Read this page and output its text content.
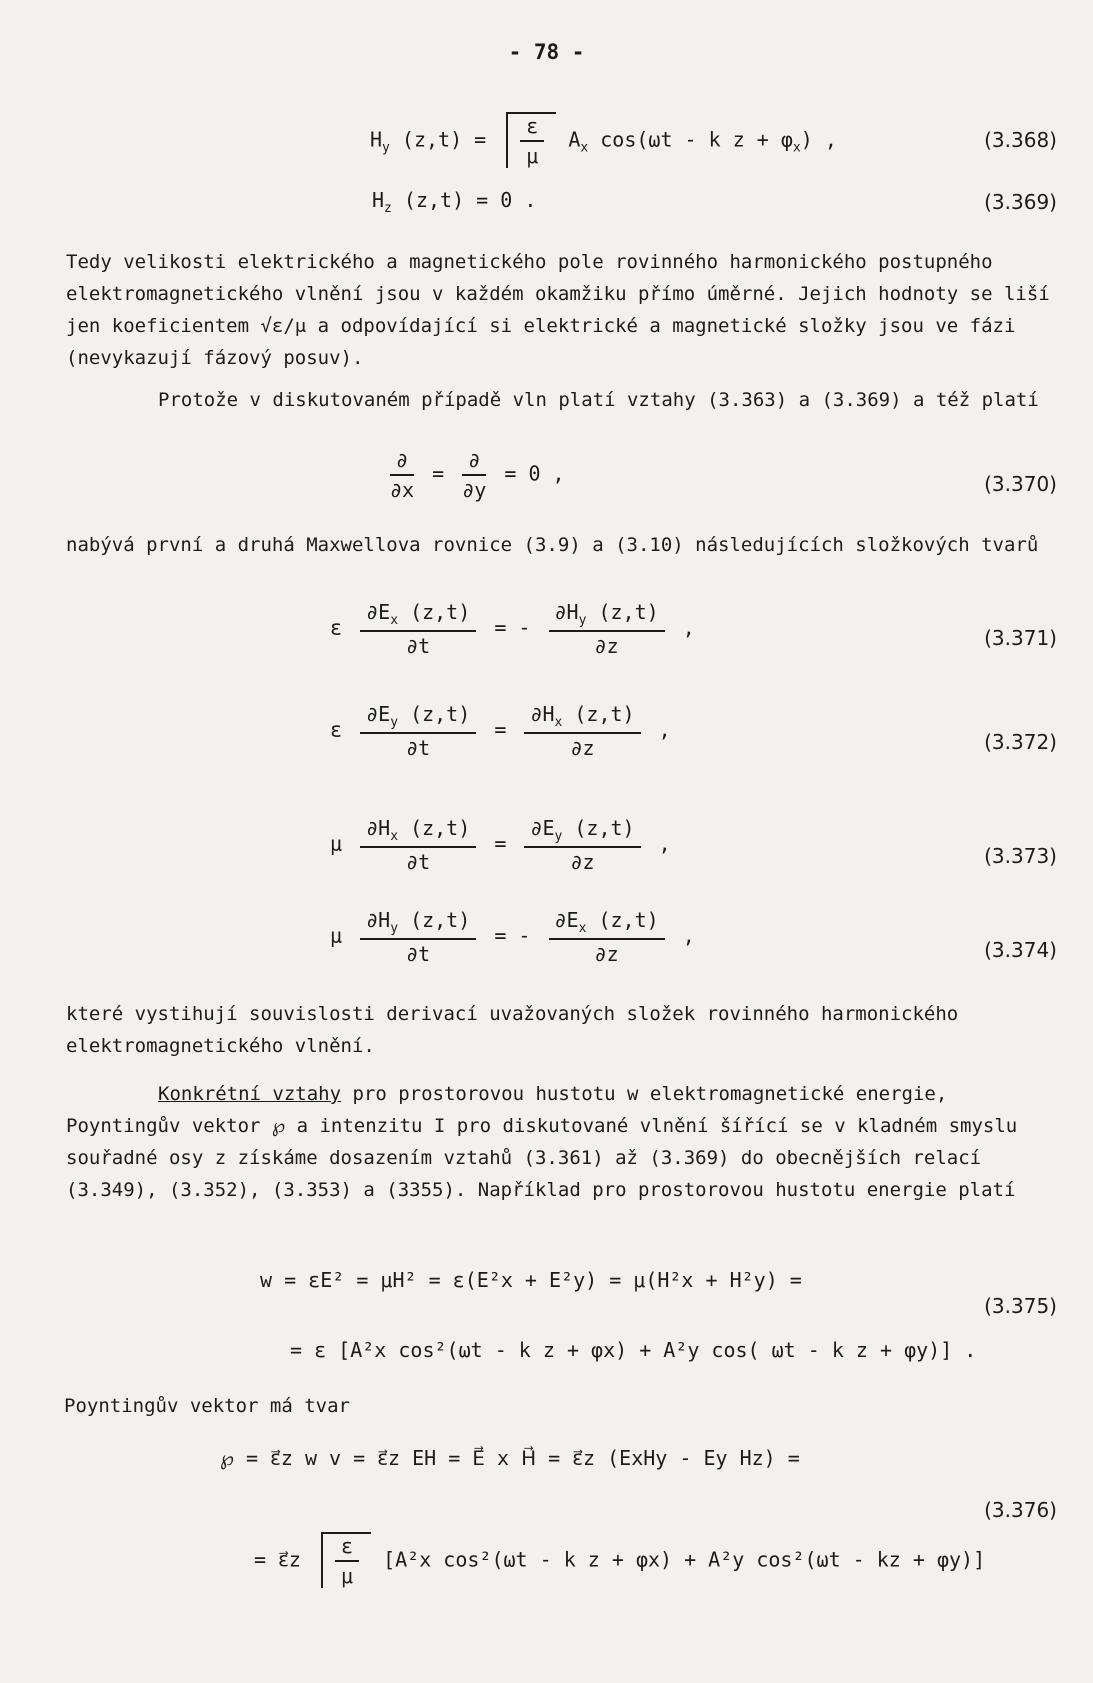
- 78 -
$H_y$ $(z,t) = \frac{\varepsilon}{\mu} A_x$ cos(ωt - k $z + \varphi_x$) ,	(3.368)
$H_z$ (z,t) = 0 .	(3.369)
Tedy velikosti elektrického a magnetického pole rovinného harmonického postupného elektromagnetického vlnění jsou v každém okamžiku přímo úměrné. Jejich hodnoty se liší jen koeficientem √ε/μ a odpovídající si elektrické a magnetické složky jsou ve fázi (nevykazují fázový posuv).
Protože v diskutovaném případě vln platí vztahy (3.363) a (3.369) a též platí
$\frac{\partial}{\partial x} = \frac{\partial}{\partial y} = 0$ ,	(3.370)
nabývá první a druhá Maxwellova rovnice (3.9) a (3.10) následujících složkových tvarů
ε $\frac{\partial E_x (z,t)}{\partial t}$ = - $\frac{\partial H_y (z,t)}{\partial z}$ ,	(3.371)
ε $\frac{\partial E_y (z,t)}{\partial t} = \frac{\partial H_x (z,t)}{\partial z}$ ,
(3.372)
μ $\frac{\partial H_x (z,t)}{\partial t} = \frac{\partial E_y (z,t)}{\partial z}$ ,
(3.373)
μ $\frac{\partial H_y (z,t)}{\partial t}$ = - $\frac{\partial E_x (z,t)}{\partial z}$ ,
(3.374)
které vystihují souvislosti derivací uvažovaných složek rovinného harmonického elektromagnetického vlnění.
Konkrétní vztahy pro prostorovou hustotu w elektromagnetické energie, Poyntingův vektor ℘ a intenzitu I pro diskutované vlnění šířící se v kladném smyslu souřadné osy z získáme dosazením vztahů (3.361) až (3.369) do obecnějších relací (3.349), (3.352), (3.353) a (3355). Například pro prostorovou hustotu energie platí
w = εE² = μH² = ε(E²x + E²y) = μ(H²x + H²y) =
(3.375)
= ε [A²x cos²(ωt - k z + φx) + A²y cos( ωt - k z + φy)] .
Poyntingův vektor má tvar
℘ = ε⃗z w v = ε⃗z EH = E⃗ x H⃗ = ε⃗z (ExHy - Ey Hz) =
(3.376)
= ε⃗z $\frac{\varepsilon}{\mu} [A^2x$ cos²(ωt - k z + φx) + A²y cos²(ωt - kz + φy)]
